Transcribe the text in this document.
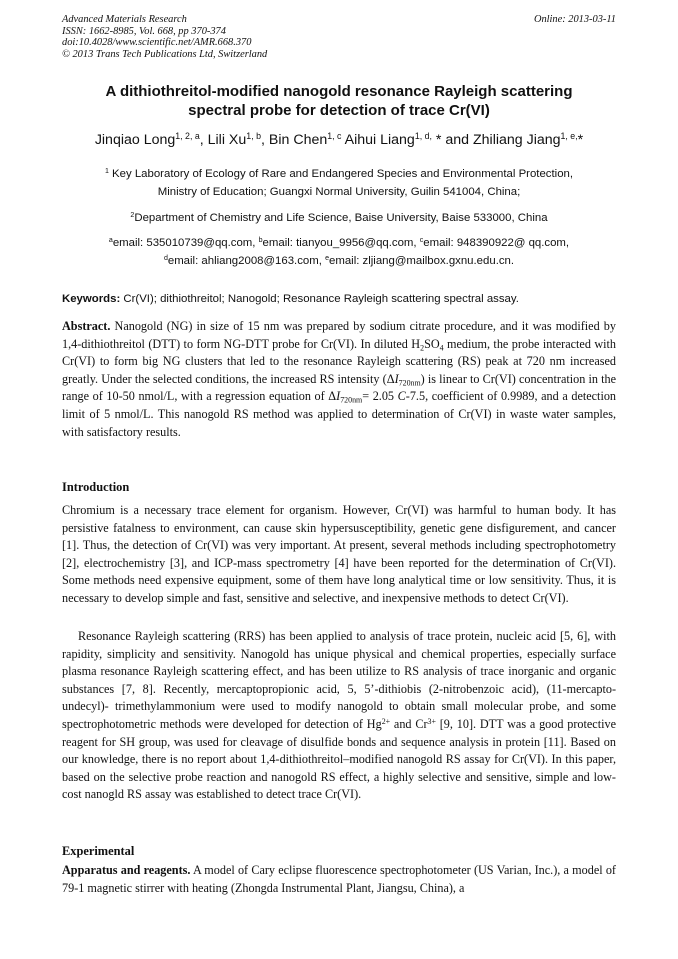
Advanced Materials Research
ISSN: 1662-8985, Vol. 668, pp 370-374
doi:10.4028/www.scientific.net/AMR.668.370
© 2013 Trans Tech Publications Ltd, Switzerland
Online: 2013-03-11
A dithiothreitol-modified nanogold resonance Rayleigh scattering
spectral probe for detection of trace Cr(VI)
Jinqiao Long$^{1, 2, a}$, Lili Xu$^{1, b}$, Bin Chen$^{1, c}$ Aihui Liang$^{1, d,}$ * and Zhiliang Jiang$^{1, e,}$*
$^1$ Key Laboratory of Ecology of Rare and Endangered Species and Environmental Protection,
Ministry of Education; Guangxi Normal University, Guilin 541004, China;
$^2$Department of Chemistry and Life Science, Baise University, Baise 533000, China
$^a$email: 535010739@qq.com, $^b$email: tianyou_9956@qq.com, $^c$email: 948390922@ qq.com,
$^d$email: ahliang2008@163.com, $^e$email: zljiang@mailbox.gxnu.edu.cn.
Keywords: Cr(VI); dithiothreitol; Nanogold; Resonance Rayleigh scattering spectral assay.

Abstract. Nanogold (NG) in size of 15 nm was prepared by sodium citrate procedure, and it was modified by 1,4-dithiothreitol (DTT) to form NG-DTT probe for Cr(VI). In diluted $H_2SO_4$ medium, the probe interacted with Cr(VI) to form big NG clusters that led to the resonance Rayleigh scattering (RS) peak at 720 nm increased greatly. Under the selected conditions, the increased RS intensity $(\Delta I_{720nm})$ is linear to Cr(VI) concentration in the range of 10-50 nmol/L, with a regression equation of $\Delta I_{720nm}= 2.05$ C-7.5, coefficient of 0.9989, and a detection limit of 5 nmol/L. This nanogold RS method was applied to determination of Cr(VI) in waste water samples, with satisfactory results.

Introduction

Chromium is a necessary trace element for organism. However, Cr(VI) was harmful to human body. It has persistive fatalness to environment, can cause skin hypersusceptibility, genetic gene disfigurement, and cancer [1]. Thus, the detection of Cr(VI) was very important. At present, several methods including spectrophotometry [2], electrochemistry [3], and ICP-mass spectrometry [4] have been reported for the determination of Cr(VI). Some methods need expensive equipment, some of them have long analytical time or low sensitivity. Thus, it is necessary to develop simple and fast, sensitive and selective, and inexpensive methods to detect Cr(VI).

Resonance Rayleigh scattering (RRS) has been applied to analysis of trace protein, nucleic acid [5, 6], with rapidity, simplicity and sensitivity. Nanogold has unique physical and chemical properties, especially surface plasma resonance Rayleigh scattering effect, and has been utilize to RS analysis of trace inorganic and organic substances [7, 8]. Recently, mercaptopropionic acid, 5, 5’-dithiobis (2-nitrobenzoic acid), (11-mercapto-undecyl)- trimethylammonium were used to modify nanogold to obtain small molecular probe, and some spectrophotometric methods were developed for detection of $Hg^{2+}$ and $Cr^{3+}$ [9, 10]. DTT was a good protective reagent for SH group, was used for cleavage of disulfide bonds and sequence analysis in protein [11]. Based on our knowledge, there is no report about 1,4-dithiothreitol–modified nanogold RS assay for Cr(VI). In this paper, based on the selective probe reaction and nanogold RS effect, a highly selective and sensitive, simple and low-cost nanogld RS assay was established to detect trace Cr(VI).

Experimental

Apparatus and reagents. A model of Cary eclipse fluorescence spectrophotometer (US Varian, Inc.), a model of 79-1 magnetic stirrer with heating (Zhongda Instrumental Plant, Jiangsu, China), a
